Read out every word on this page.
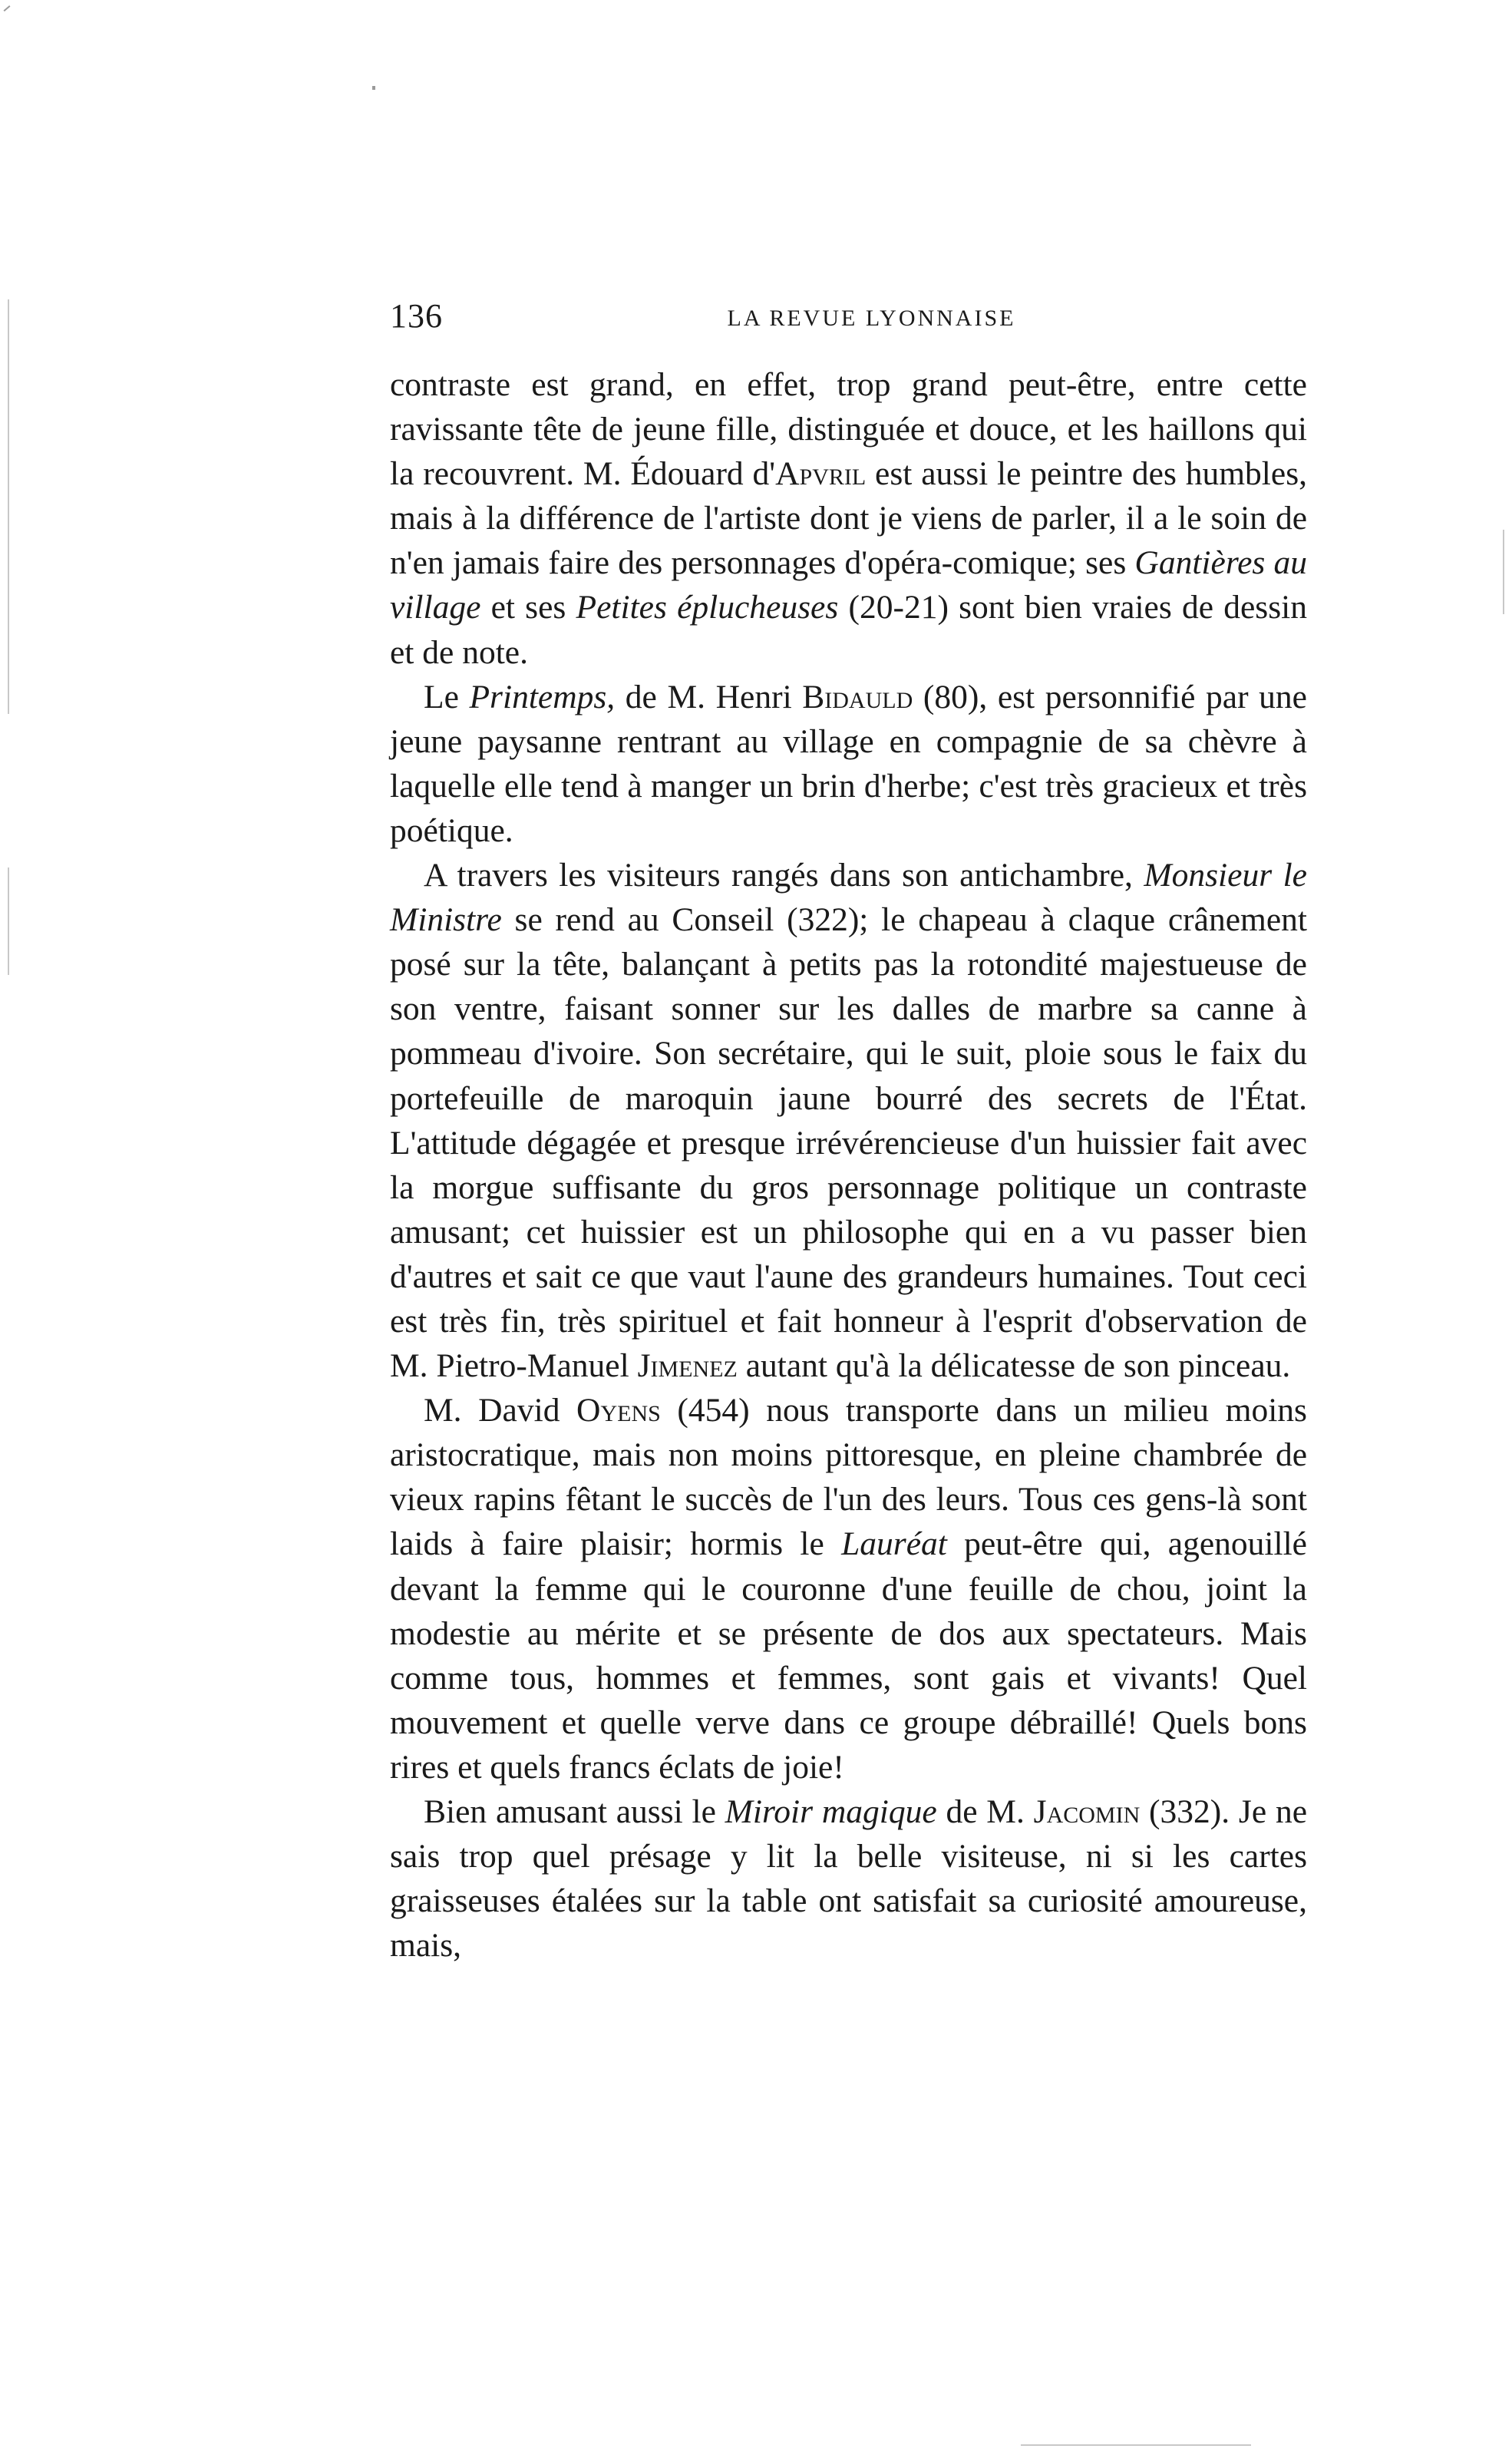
136	LA REVUE LYONNAISE

contraste est grand, en effet, trop grand peut-être, entre cette ravissante tête de jeune fille, distinguée et douce, et les haillons qui la recouvrent. M. Édouard d'Apvril est aussi le peintre des humbles, mais à la différence de l'artiste dont je viens de parler, il a le soin de n'en jamais faire des personnages d'opéra-comique; ses Gantières au village et ses Petites éplucheuses (20-21) sont bien vraies de dessin et de note.

Le Printemps, de M. Henri Bidauld (80), est personnifié par une jeune paysanne rentrant au village en compagnie de sa chèvre à laquelle elle tend à manger un brin d'herbe; c'est très gracieux et très poétique.

A travers les visiteurs rangés dans son antichambre, Monsieur le Ministre se rend au Conseil (322); le chapeau à claque crânement posé sur la tête, balançant à petits pas la rotondité majestueuse de son ventre, faisant sonner sur les dalles de marbre sa canne à pommeau d'ivoire. Son secrétaire, qui le suit, ploie sous le faix du portefeuille de maroquin jaune bourré des secrets de l'État. L'attitude dégagée et presque irrévérencieuse d'un huissier fait avec la morgue suffisante du gros personnage politique un contraste amusant; cet huissier est un philosophe qui en a vu passer bien d'autres et sait ce que vaut l'aune des grandeurs humaines. Tout ceci est très fin, très spirituel et fait honneur à l'esprit d'observation de M. Pietro-Manuel Jimenez autant qu'à la délicatesse de son pinceau.

M. David Oyens (454) nous transporte dans un milieu moins aristocratique, mais non moins pittoresque, en pleine chambrée de vieux rapins fêtant le succès de l'un des leurs. Tous ces gens-là sont laids à faire plaisir; hormis le Lauréat peut-être qui, agenouillé devant la femme qui le couronne d'une feuille de chou, joint la modestie au mérite et se présente de dos aux spectateurs. Mais comme tous, hommes et femmes, sont gais et vivants! Quel mouvement et quelle verve dans ce groupe débraillé! Quels bons rires et quels francs éclats de joie!

Bien amusant aussi le Miroir magique de M. Jacomin (332). Je ne sais trop quel présage y lit la belle visiteuse, ni si les cartes graisseuses étalées sur la table ont satisfait sa curiosité amoureuse, mais,
